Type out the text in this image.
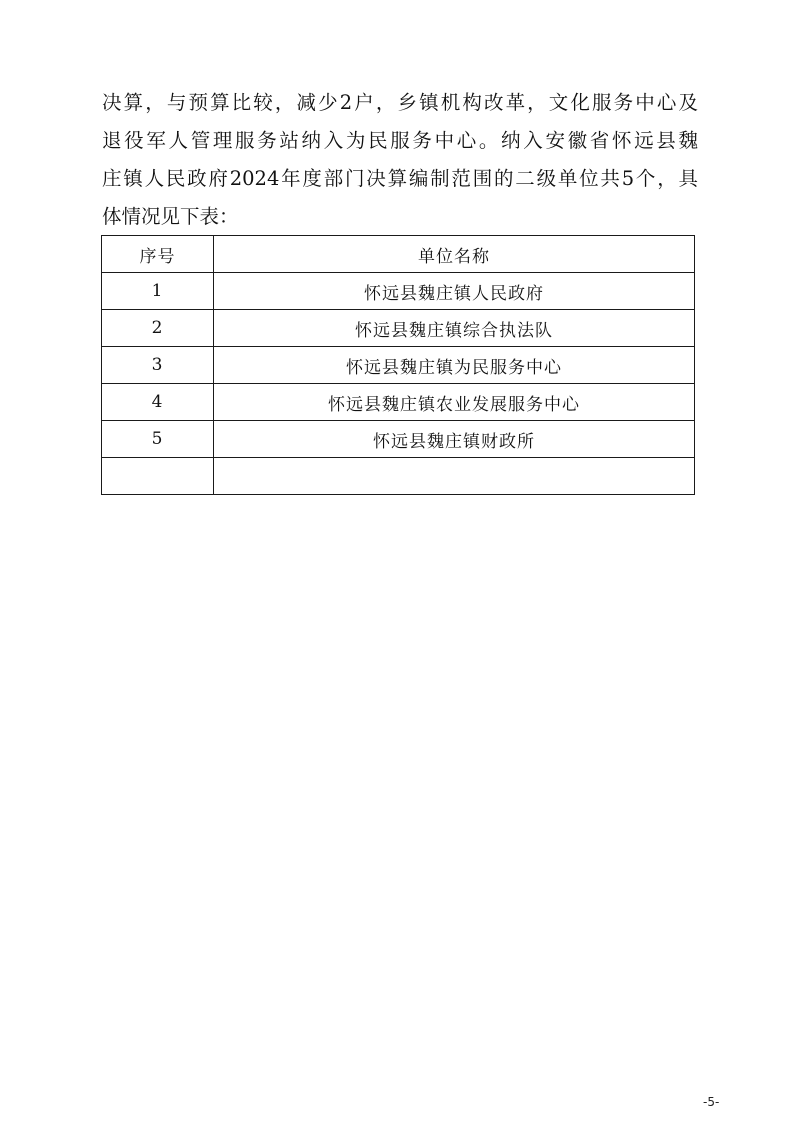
决算，与预算比较，减少2户，乡镇机构改革，文化服务中心及
退役军人管理服务站纳入为民服务中心。纳入安徽省怀远县魏
庄镇人民政府2024年度部门决算编制范围的二级单位共5个，具
体情况见下表：
序号	单位名称
1	怀远县魏庄镇人民政府
2	怀远县魏庄镇综合执法队
3	怀远县魏庄镇为民服务中心
4	怀远县魏庄镇农业发展服务中心
5	怀远县魏庄镇财政所

-5-
